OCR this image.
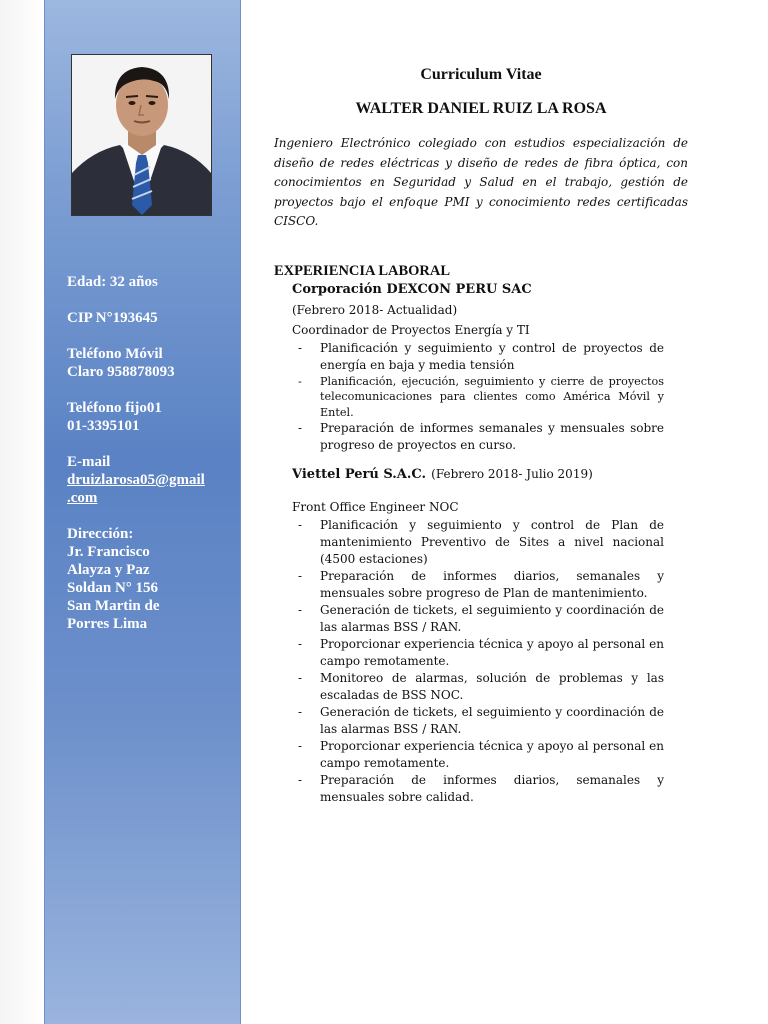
Edad: 32 años
CIP N°193645
Teléfono Móvil
Claro 958878093
Teléfono fijo01
01-3395101
E-mail
druizlarosa05@gmail
.com
Dirección:
Jr. Francisco
Alayza y Paz
Soldan N° 156
San Martin de
Porres Lima
Curriculum Vitae
WALTER DANIEL RUIZ LA ROSA

Ingeniero Electrónico colegiado con estudios especialización de diseño de redes eléctricas y diseño de redes de fibra óptica, con conocimientos en Seguridad y Salud en el trabajo, gestión de proyectos bajo el enfoque PMI y conocimiento redes certificadas CISCO.

EXPERIENCIA LABORAL
Corporación DEXCON PERU SAC
(Febrero 2018- Actualidad)
Coordinador de Proyectos Energía y TI
- Planificación y seguimiento y control de proyectos de energía en baja y media tensión
- Planificación, ejecución, seguimiento y cierre de proyectos telecomunicaciones para clientes como América Móvil y Entel.
- Preparación de informes semanales y mensuales sobre progreso de proyectos en curso.
Viettel Perú S.A.C. (Febrero 2018- Julio 2019)
Front Office Engineer NOC
- Planificación y seguimiento y control de Plan de mantenimiento Preventivo de Sites a nivel nacional (4500 estaciones)
- Preparación de informes diarios, semanales y mensuales sobre progreso de Plan de mantenimiento.
- Generación de tickets, el seguimiento y coordinación de las alarmas BSS / RAN.
- Proporcionar experiencia técnica y apoyo al personal en campo remotamente.
- Monitoreo de alarmas, solución de problemas y las escaladas de BSS NOC.
- Generación de tickets, el seguimiento y coordinación de las alarmas BSS / RAN.
- Proporcionar experiencia técnica y apoyo al personal en campo remotamente.
- Preparación de informes diarios, semanales y mensuales sobre calidad.
